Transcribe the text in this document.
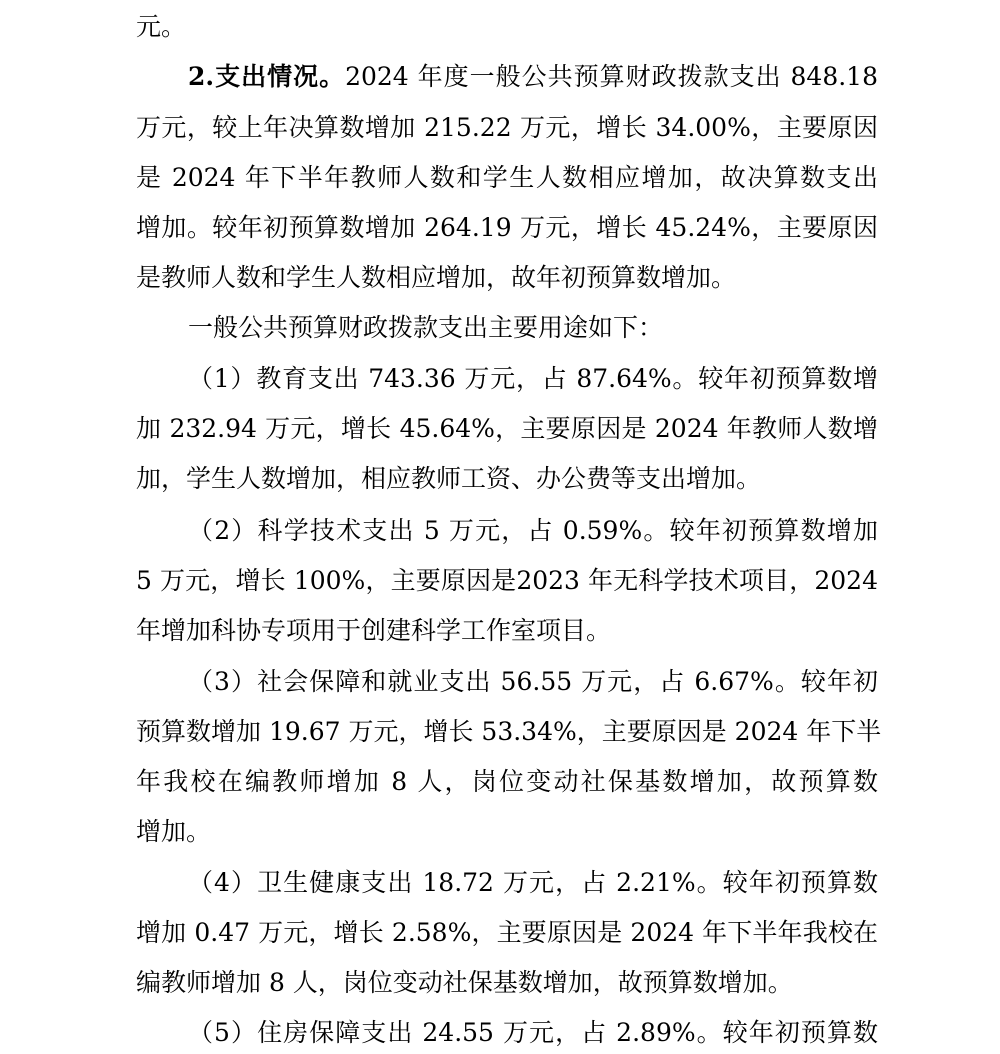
元。
2.支出情况。2024 年度一般公共预算财政拨款支出 848.18
万元，较上年决算数增加 215.22 万元，增长 34.00%，主要原因
是 2024 年下半年教师人数和学生人数相应增加，故决算数支出
增加。较年初预算数增加 264.19 万元，增长 45.24%，主要原因
是教师人数和学生人数相应增加，故年初预算数增加。
一般公共预算财政拨款支出主要用途如下：
（1）教育支出 743.36 万元，占 87.64%。较年初预算数增
加 232.94 万元，增长 45.64%，主要原因是 2024 年教师人数增
加，学生人数增加，相应教师工资、办公费等支出增加。
（2）科学技术支出 5 万元，占 0.59%。较年初预算数增加
5 万元，增长 100%，主要原因是2023 年无科学技术项目，2024
年增加科协专项用于创建科学工作室项目。
（3）社会保障和就业支出 56.55 万元，占 6.67%。较年初
预算数增加 19.67 万元，增长 53.34%，主要原因是 2024 年下半
年我校在编教师增加 8 人，岗位变动社保基数增加，故预算数
增加。
（4）卫生健康支出 18.72 万元，占 2.21%。较年初预算数
增加 0.47 万元，增长 2.58%，主要原因是 2024 年下半年我校在
编教师增加 8 人，岗位变动社保基数增加，故预算数增加。
（5）住房保障支出 24.55 万元，占 2.89%。较年初预算数
